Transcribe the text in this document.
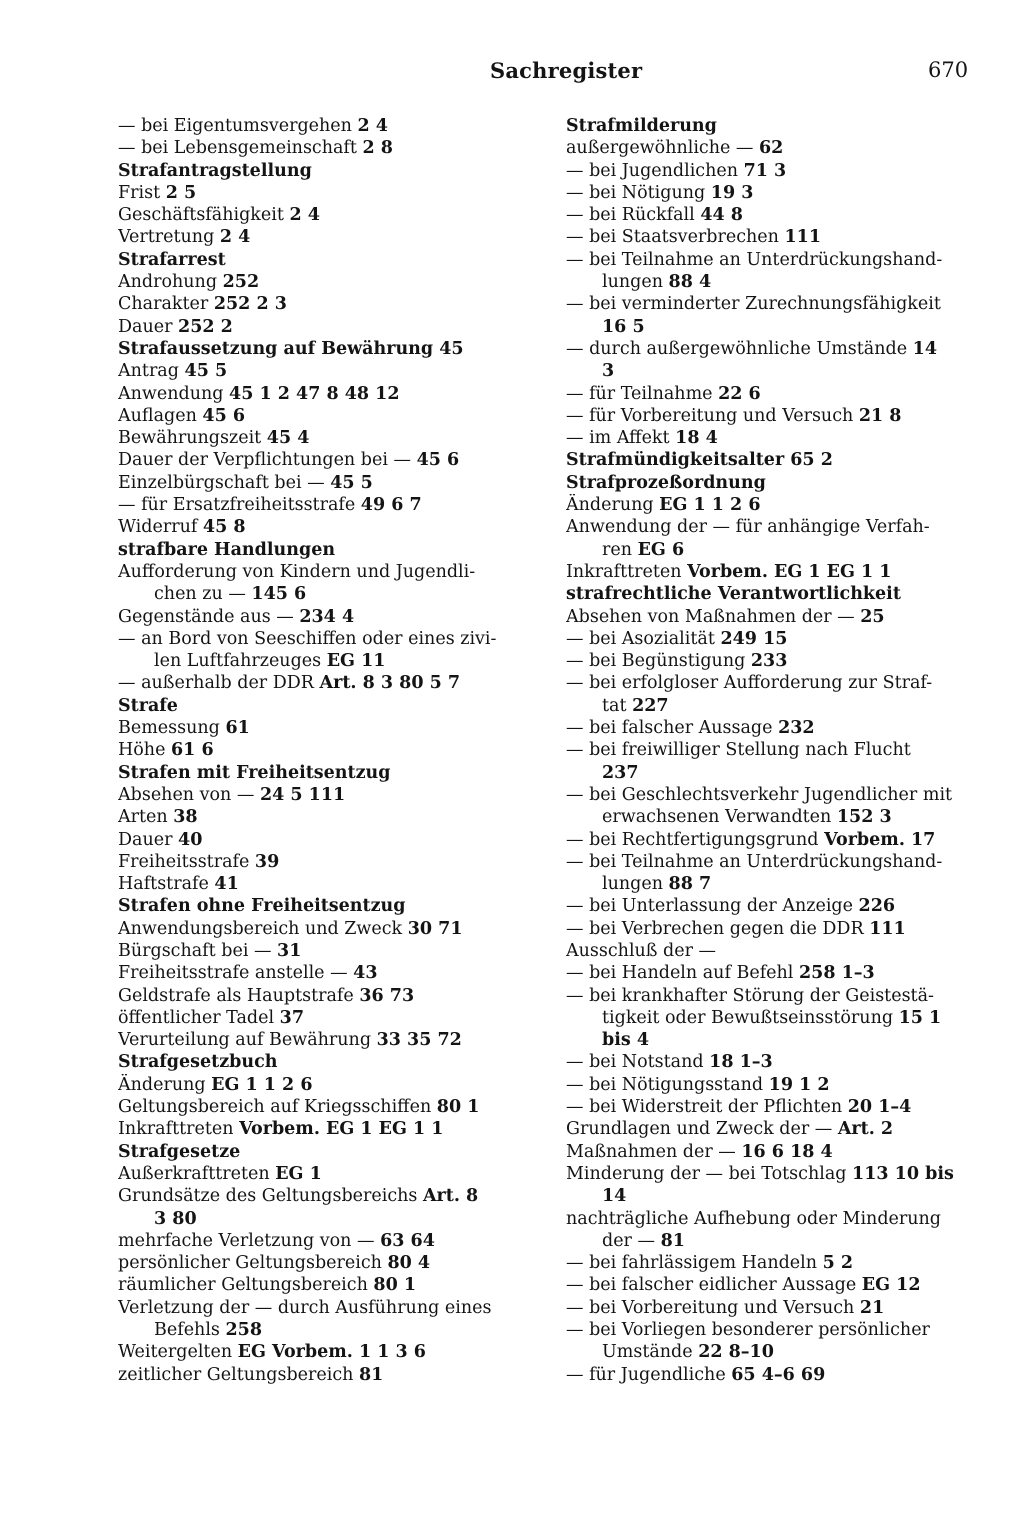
Sachregister	670
— bei Eigentumsvergehen 2 4
— bei Lebensgemeinschaft 2 8
Strafantragstellung
Frist 2 5
Geschäftsfähigkeit 2 4
Vertretung 2 4
Strafarrest
Androhung 252
Charakter 252 2 3
Dauer 252 2
Strafaussetzung auf Bewährung 45
Antrag 45 5
Anwendung 45 1 2 47 8 48 12
Auflagen 45 6
Bewährungszeit 45 4
Dauer der Verpflichtungen bei — 45 6
Einzelbürgschaft bei — 45 5
— für Ersatzfreiheitsstrafe 49 6 7
Widerruf 45 8
strafbare Handlungen
Aufforderung von Kindern und Jugendli-
chen zu — 145 6
Gegenstände aus — 234 4
— an Bord von Seeschiffen oder eines zivi-
len Luftfahrzeuges EG 11
— außerhalb der DDR Art. 8 3 80 5 7
Strafe
Bemessung 61
Höhe 61 6
Strafen mit Freiheitsentzug
Absehen von — 24 5 111
Arten 38
Dauer 40
Freiheitsstrafe 39
Haftstrafe 41
Strafen ohne Freiheitsentzug
Anwendungsbereich und Zweck 30 71
Bürgschaft bei — 31
Freiheitsstrafe anstelle — 43
Geldstrafe als Hauptstrafe 36 73
öffentlicher Tadel 37
Verurteilung auf Bewährung 33 35 72
Strafgesetzbuch
Änderung EG 1 1 2 6
Geltungsbereich auf Kriegsschiffen 80 1
Inkrafttreten Vorbem. EG 1 EG 1 1
Strafgesetze
Außerkrafttreten EG 1
Grundsätze des Geltungsbereichs Art. 8
3 80
mehrfache Verletzung von — 63 64
persönlicher Geltungsbereich 80 4
räumlicher Geltungsbereich 80 1
Verletzung der — durch Ausführung eines
Befehls 258
Weitergelten EG Vorbem. 1 1 3 6
zeitlicher Geltungsbereich 81
Strafmilderung
außergewöhnliche — 62
— bei Jugendlichen 71 3
— bei Nötigung 19 3
— bei Rückfall 44 8
— bei Staatsverbrechen 111
— bei Teilnahme an Unterdrückungshand-
lungen 88 4
— bei verminderter Zurechnungsfähigkeit
16 5
— durch außergewöhnliche Umstände 14
3
— für Teilnahme 22 6
— für Vorbereitung und Versuch 21 8
— im Affekt 18 4
Strafmündigkeitsalter 65 2
Strafprozeßordnung
Änderung EG 1 1 2 6
Anwendung der — für anhängige Verfah-
ren EG 6
Inkrafttreten Vorbem. EG 1 EG 1 1
strafrechtliche Verantwortlichkeit
Absehen von Maßnahmen der — 25
— bei Asozialität 249 15
— bei Begünstigung 233
— bei erfolgloser Aufforderung zur Straf-
tat 227
— bei falscher Aussage 232
— bei freiwilliger Stellung nach Flucht
237
— bei Geschlechtsverkehr Jugendlicher mit
erwachsenen Verwandten 152 3
— bei Rechtfertigungsgrund Vorbem. 17
— bei Teilnahme an Unterdrückungshand-
lungen 88 7
— bei Unterlassung der Anzeige 226
— bei Verbrechen gegen die DDR 111
Ausschluß der —
— bei Handeln auf Befehl 258 1–3
— bei krankhafter Störung der Geistestä-
tigkeit oder Bewußtseinsstörung 15 1
bis 4
— bei Notstand 18 1–3
— bei Nötigungsstand 19 1 2
— bei Widerstreit der Pflichten 20 1–4
Grundlagen und Zweck der — Art. 2
Maßnahmen der — 16 6 18 4
Minderung der — bei Totschlag 113 10 bis
14
nachträgliche Aufhebung oder Minderung
der — 81
— bei fahrlässigem Handeln 5 2
— bei falscher eidlicher Aussage EG 12
— bei Vorbereitung und Versuch 21
— bei Vorliegen besonderer persönlicher
Umstände 22 8–10
— für Jugendliche 65 4–6 69
